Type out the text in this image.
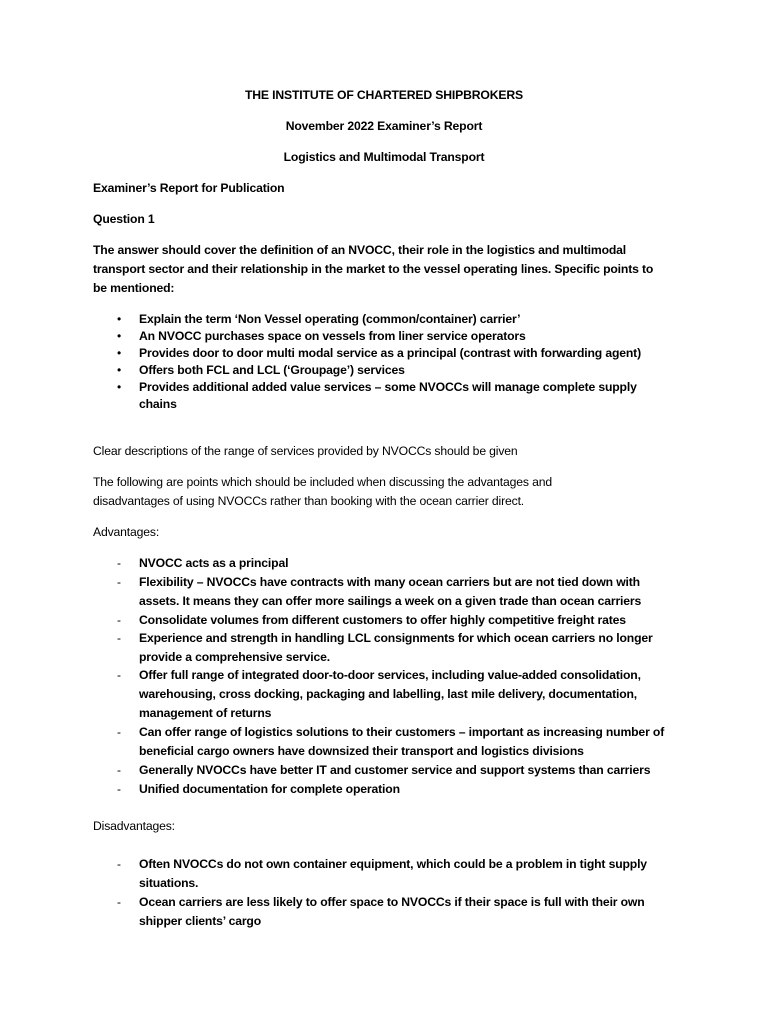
THE INSTITUTE OF CHARTERED SHIPBROKERS
November 2022 Examiner’s Report
Logistics and Multimodal Transport
Examiner’s Report for Publication
Question 1
The answer should cover the definition of an NVOCC, their role in the logistics and multimodal
transport sector and their relationship in the market to the vessel operating lines. Specific points to
be mentioned:
• Explain the term ‘Non Vessel operating (common/container) carrier’
• An NVOCC purchases space on vessels from liner service operators
• Provides door to door multi modal service as a principal (contrast with forwarding agent)
• Offers both FCL and LCL (‘Groupage’) services
• Provides additional added value services – some NVOCCs will manage complete supply
chains
Clear descriptions of the range of services provided by NVOCCs should be given
The following are points which should be included when discussing the advantages and
disadvantages of using NVOCCs rather than booking with the ocean carrier direct.
Advantages:
- NVOCC acts as a principal
- Flexibility – NVOCCs have contracts with many ocean carriers but are not tied down with
assets. It means they can offer more sailings a week on a given trade than ocean carriers
- Consolidate volumes from different customers to offer highly competitive freight rates
- Experience and strength in handling LCL consignments for which ocean carriers no longer
provide a comprehensive service.
- Offer full range of integrated door-to-door services, including value-added consolidation,
warehousing, cross docking, packaging and labelling, last mile delivery, documentation,
management of returns
- Can offer range of logistics solutions to their customers – important as increasing number of
beneficial cargo owners have downsized their transport and logistics divisions
- Generally NVOCCs have better IT and customer service and support systems than carriers
- Unified documentation for complete operation
Disadvantages:
- Often NVOCCs do not own container equipment, which could be a problem in tight supply
situations.
- Ocean carriers are less likely to offer space to NVOCCs if their space is full with their own
shipper clients’ cargo
